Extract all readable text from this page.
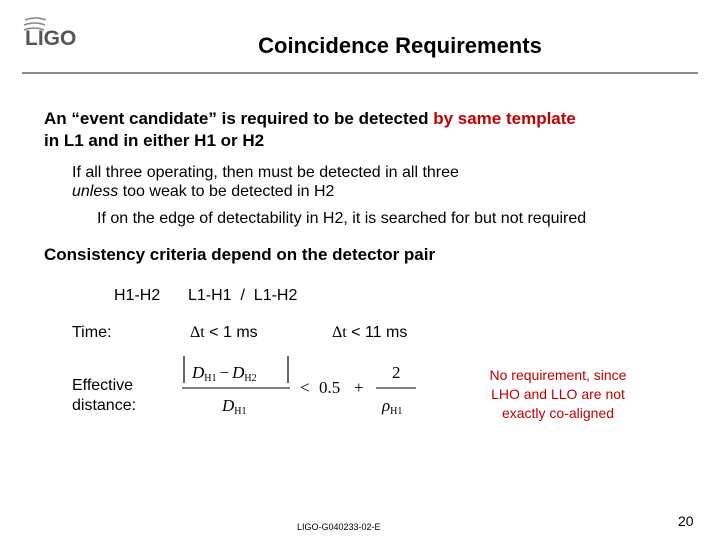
LIGO	Coincidence Requirements
An “event candidate” is required to be detected by same template
in L1 and in either H1 or H2
If all three operating, then must be detected in all three
unless too weak to be detected in H2
If on the edge of detectability in H2, it is searched for but not required
Consistency criteria depend on the detector pair
H1-H2 L1-H1  /  L1-H2
Time:	Δt < 1 ms	Δt < 11 ms
Effective
distance:
DH1 − DH2
DH1
< 0.5 +
2
ρH1
No requirement, since
LHO and LLO are not
exactly co-aligned
LIGO-G040233-02-E	20
